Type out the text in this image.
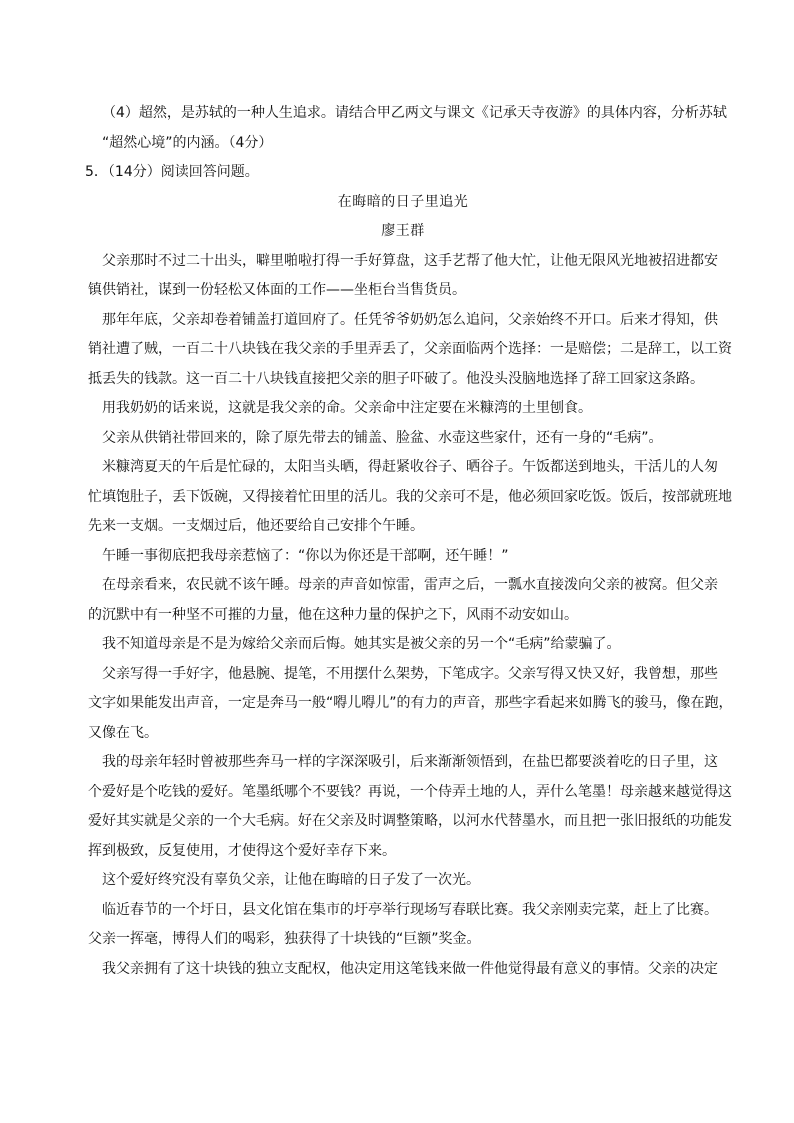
（4）超然，是苏轼的一种人生追求。请结合甲乙两文与课文《记承天寺夜游》的具体内容，分析苏轼

“超然心境”的内涵。（4分）

5．（14分）阅读回答问题。

在晦暗的日子里追光

廖王群

父亲那时不过二十出头，噼里啪啦打得一手好算盘，这手艺帮了他大忙，让他无限风光地被招进都安

镇供销社，谋到一份轻松又体面的工作——坐柜台当售货员。

那年年底，父亲却卷着铺盖打道回府了。任凭爷爷奶奶怎么追问，父亲始终不开口。后来才得知，供

销社遭了贼，一百二十八块钱在我父亲的手里弄丢了，父亲面临两个选择：一是赔偿；二是辞工，以工资

抵丢失的钱款。这一百二十八块钱直接把父亲的胆子吓破了。他没头没脑地选择了辞工回家这条路。

用我奶奶的话来说，这就是我父亲的命。父亲命中注定要在米糠湾的土里刨食。

父亲从供销社带回来的，除了原先带去的铺盖、脸盆、水壶这些家什，还有一身的“毛病”。

米糠湾夏天的午后是忙碌的，太阳当头晒，得赶紧收谷子、晒谷子。午饭都送到地头，干活儿的人匆

忙填饱肚子，丢下饭碗，又得接着忙田里的活儿。我的父亲可不是，他必须回家吃饭。饭后，按部就班地

先来一支烟。一支烟过后，他还要给自己安排个午睡。

午睡一事彻底把我母亲惹恼了：“你以为你还是干部啊，还午睡！”

在母亲看来，农民就不该午睡。母亲的声音如惊雷，雷声之后，一瓢水直接泼向父亲的被窝。但父亲

的沉默中有一种坚不可摧的力量，他在这种力量的保护之下，风雨不动安如山。

我不知道母亲是不是为嫁给父亲而后悔。她其实是被父亲的另一个“毛病”给蒙骗了。

父亲写得一手好字，他悬腕、提笔，不用摆什么架势，下笔成字。父亲写得又快又好，我曾想，那些

文字如果能发出声音，一定是奔马一般“嘚儿嘚儿”的有力的声音，那些字看起来如腾飞的骏马，像在跑，

又像在飞。

我的母亲年轻时曾被那些奔马一样的字深深吸引，后来渐渐领悟到，在盐巴都要淡着吃的日子里，这

个爱好是个吃钱的爱好。笔墨纸哪个不要钱？再说，一个侍弄土地的人，弄什么笔墨！母亲越来越觉得这

爱好其实就是父亲的一个大毛病。好在父亲及时调整策略，以河水代替墨水，而且把一张旧报纸的功能发

挥到极致，反复使用，才使得这个爱好幸存下来。

这个爱好终究没有辜负父亲，让他在晦暗的日子发了一次光。

临近春节的一个圩日，县文化馆在集市的圩亭举行现场写春联比赛。我父亲刚卖完菜，赶上了比赛。

父亲一挥毫，博得人们的喝彩，独获得了十块钱的“巨额”奖金。

我父亲拥有了这十块钱的独立支配权，他决定用这笔钱来做一件他觉得最有意义的事情。父亲的决定
